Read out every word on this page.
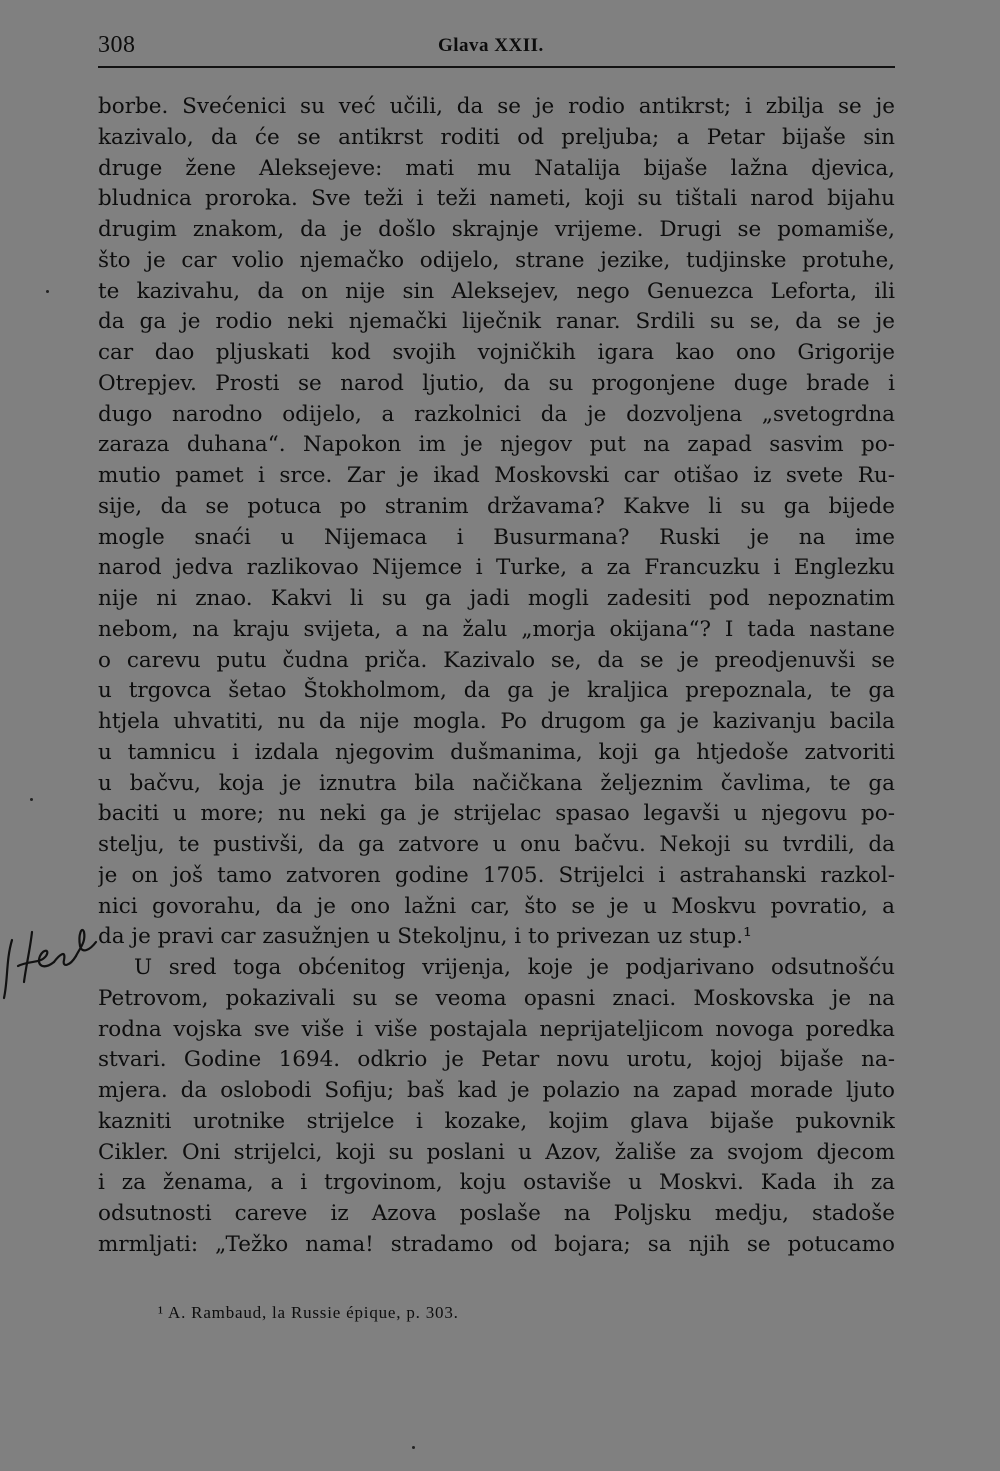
308	Glava XXII.
borbe. Svećenici su već učili, da se je rodio antikrst; i zbilja se je
kazivalo, da će se antikrst roditi od preljuba; a Petar bijaše sin
druge žene Aleksejeve: mati mu Natalija bijaše lažna djevica,
bludnica proroka. Sve teži i teži nameti, koji su tištali narod bijahu
drugim znakom, da je došlo skrajnje vrijeme. Drugi se pomamiše,
što je car volio njemačko odijelo, strane jezike, tudjinske protuhe,
te kazivahu, da on nije sin Aleksejev, nego Genuezca Leforta, ili
da ga je rodio neki njemački liječnik ranar. Srdili su se, da se je
car dao pljuskati kod svojih vojničkih igara kao ono Grigorije
Otrepjev. Prosti se narod ljutio, da su progonjene duge brade i
dugo narodno odijelo, a razkolnici da je dozvoljena „svetogrdna
zaraza duhana“. Napokon im je njegov put na zapad sasvim po-
mutio pamet i srce. Zar je ikad Moskovski car otišao iz svete Ru-
sije, da se potuca po stranim državama? Kakve li su ga bijede
mogle snaći u Nijemaca i Busurmana? Ruski je na ime
narod jedva razlikovao Nijemce i Turke, a za Francuzku i Englezku
nije ni znao. Kakvi li su ga jadi mogli zadesiti pod nepoznatim
nebom, na kraju svijeta, a na žalu „morja okijana“? I tada nastane
o carevu putu čudna priča. Kazivalo se, da se je preodjenuvši se
u trgovca šetao Štokholmom, da ga je kraljica prepoznala, te ga
htjela uhvatiti, nu da nije mogla. Po drugom ga je kazivanju bacila
u tamnicu i izdala njegovim dušmanima, koji ga htjedoše zatvoriti
u bačvu, koja je iznutra bila načičkana željeznim čavlima, te ga
baciti u more; nu neki ga je strijelac spasao legavši u njegovu po-
stelju, te pustivši, da ga zatvore u onu bačvu. Nekoji su tvrdili, da
je on još tamo zatvoren godine 1705. Strijelci i astrahanski razkol-
nici govorahu, da je ono lažni car, što se je u Moskvu povratio, a
da je pravi car zasužnjen u Stekoljnu, i to privezan uz stup.¹
U sred toga obćenitog vrijenja, koje je podjarivano odsutnošću
Petrovom, pokazivali su se veoma opasni znaci. Moskovska je na
rodna vojska sve više i više postajala neprijateljicom novoga poredka
stvari. Godine 1694. odkrio je Petar novu urotu, kojoj bijaše na-
mjera. da oslobodi Sofiju; baš kad je polazio na zapad morade ljuto
kazniti urotnike strijelce i kozake, kojim glava bijaše pukovnik
Cikler. Oni strijelci, koji su poslani u Azov, žališe za svojom djecom
i za ženama, a i trgovinom, koju ostaviše u Moskvi. Kada ih za
odsutnosti careve iz Azova poslaše na Poljsku medju, stadoše
mrmljati: „Težko nama! stradamo od bojara; sa njih se potucamo
¹ A. Rambaud, la Russie épique, p. 303.
